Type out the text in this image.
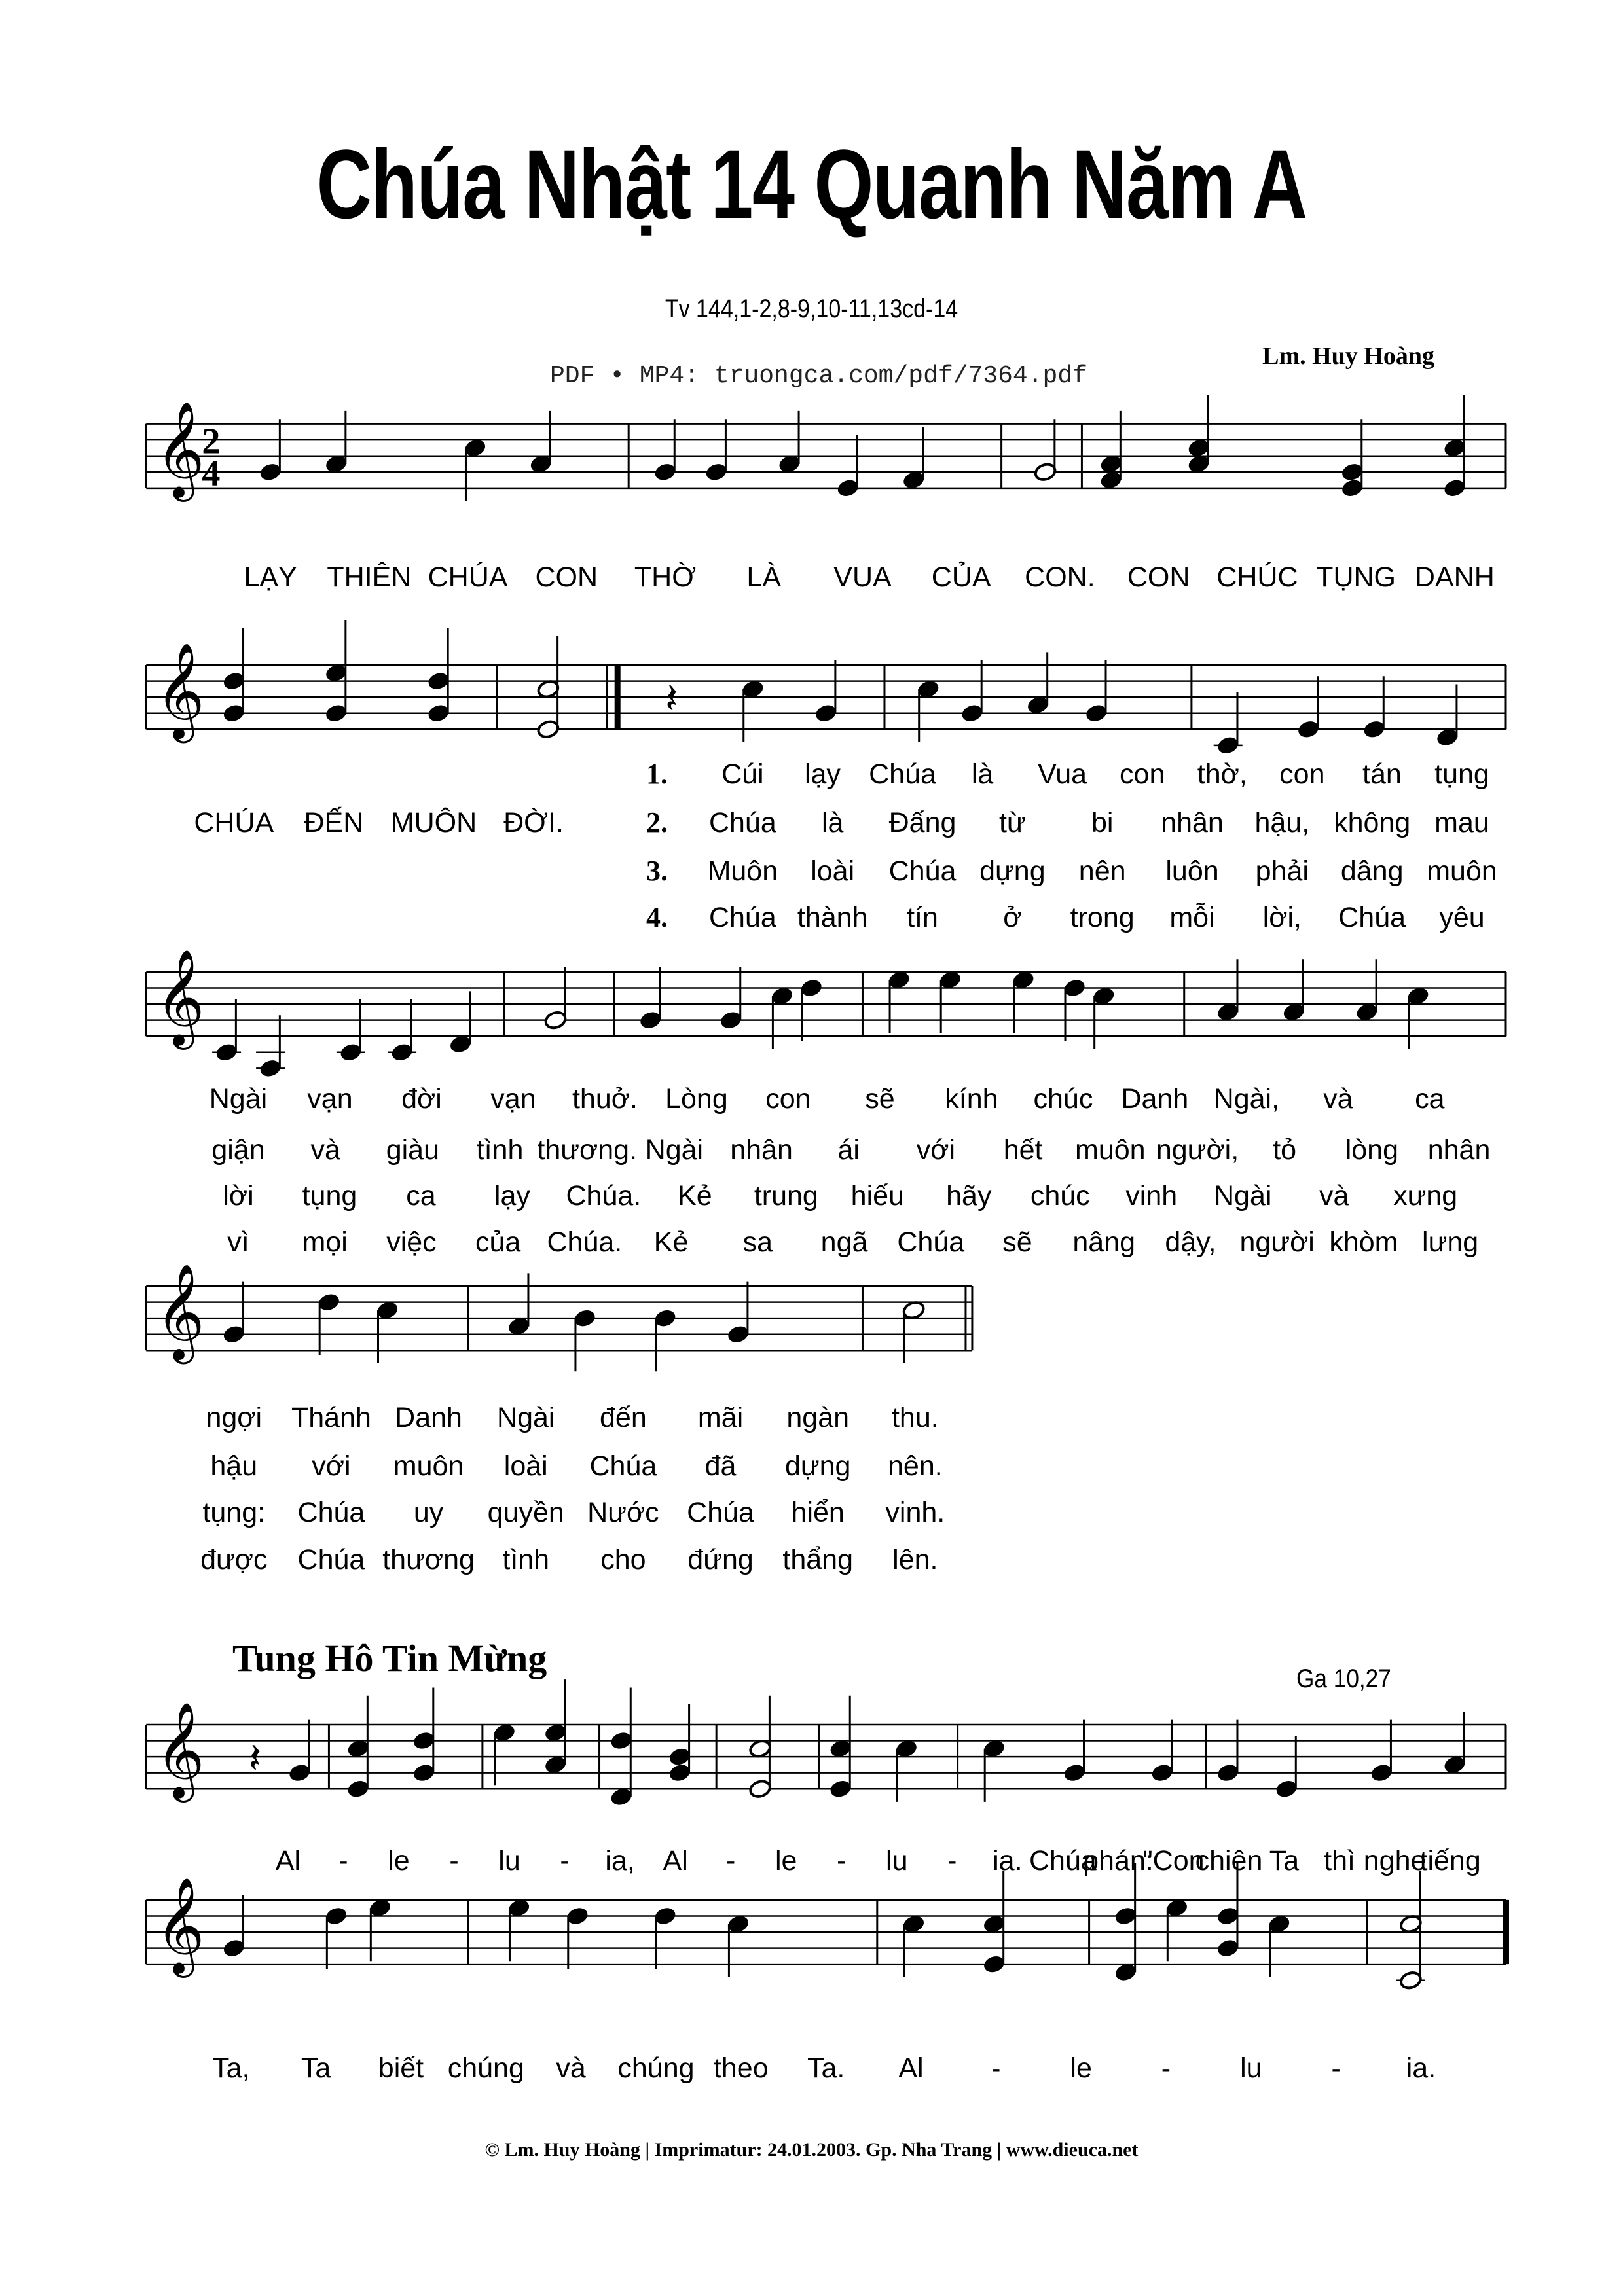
Chúa Nhật 14 Quanh Năm A
Tv 144,1-2,8-9,10-11,13cd-14
Lm. Huy Hoàng
PDF • MP4: truongca.com/pdf/7364.pdf
𝄞
2
4
𝄞	𝄽
𝄞
𝄞
𝄞 𝄽
𝄞
LẠY THIÊN CHÚA CON THỜ LÀ VUA CỦA CON. CON CHÚC TỤNG DANH
CHÚA ĐẾN MUÔN ĐỜI.
1. Cúi lạy Chúa là Vua con thờ, con tán tụng
Ngài vạn đời vạn thuở. Lòng con sẽ kính chúc Danh Ngài, và ca
ngợi Thánh Danh Ngài đến mãi ngàn thu.
2. Chúa là Đấng từ bi nhân hậu, không mau
giận và giàu tình thương. Ngài nhân ái với hết muôn người, tỏ lòng nhân
hậu với muôn loài Chúa đã dựng nên.
3. Muôn loài Chúa dựng nên luôn phải dâng muôn
lời tụng ca lạy Chúa. Kẻ trung hiếu hãy chúc vinh Ngài và xưng
tụng: Chúa uy quyền Nước Chúa hiển vinh.
4. Chúa thành tín ở trong mỗi lời, Chúa yêu
vì mọi việc của Chúa. Kẻ sa ngã Chúa sẽ nâng dậy, người khòm lưng
được Chúa thương tình cho đứng thẩng lên.
Al - le - lu - ia, Al - le - lu - ia. Chúa
phán:
"Con
chiên Ta thì nghe
tiếng
Ta, Ta biết chúng và chúng theo Ta. Al - le - lu - ia.
Tung Hô Tin Mừng	Ga 10,27
© Lm. Huy Hoàng | Imprimatur: 24.01.2003. Gp. Nha Trang | www.dieuca.net
